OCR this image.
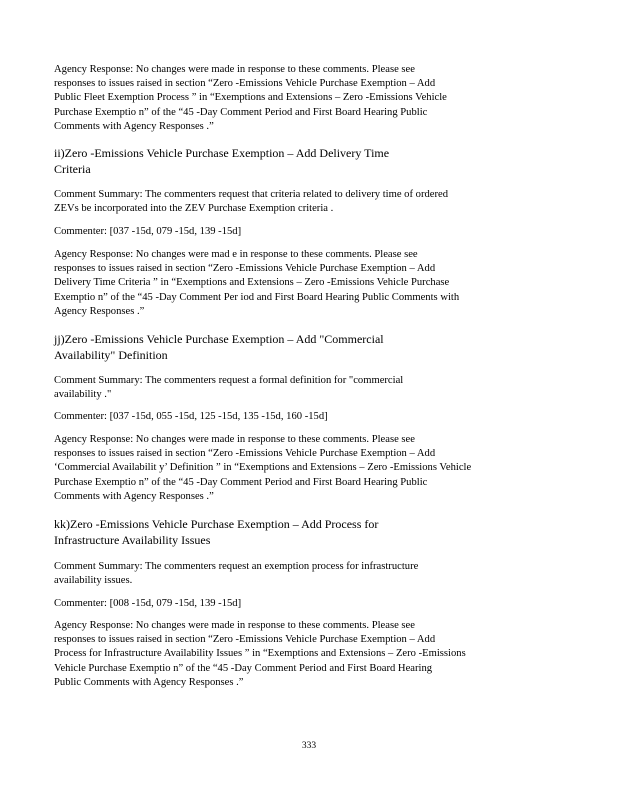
Agency Response: No changes were made in response to these comments. Please see
responses to issues raised in section “Zero -Emissions Vehicle Purchase Exemption – Add
Public Fleet Exemption Process ” in “Exemptions and Extensions – Zero -Emissions Vehicle
Purchase Exemptio n” of the “45 -Day Comment Period and First Board Hearing Public
Comments with Agency Responses .”
ii)Zero -Emissions Vehicle Purchase Exemption – Add Delivery Time
Criteria
Comment Summary: The commenters request that criteria related to delivery time of ordered
ZEVs be incorporated into the ZEV Purchase Exemption criteria .
Commenter: [037 -15d, 079 -15d, 139 -15d]
Agency Response: No changes were mad e in response to these comments. Please see
responses to issues raised in section “Zero -Emissions Vehicle Purchase Exemption – Add
Delivery Time Criteria ” in “Exemptions and Extensions – Zero -Emissions Vehicle Purchase
Exemptio n” of the “45 -Day Comment Per iod and First Board Hearing Public Comments with
Agency Responses .”
jj)Zero -Emissions Vehicle Purchase Exemption – Add "Commercial
Availability" Definition
Comment Summary: The commenters request a formal definition for "commercial
availability ."
Commenter: [037 -15d, 055 -15d, 125 -15d, 135 -15d, 160 -15d]
Agency Response: No changes were made in response to these comments. Please see
responses to issues raised in section “Zero -Emissions Vehicle Purchase Exemption – Add
‘Commercial Availabilit y’ Definition ” in “Exemptions and Extensions – Zero -Emissions Vehicle
Purchase Exemptio n” of the “45 -Day Comment Period and First Board Hearing Public
Comments with Agency Responses .”
kk)Zero -Emissions Vehicle Purchase Exemption – Add Process for
Infrastructure Availability Issues
Comment Summary: The commenters request an exemption process for infrastructure
availability issues.
Commenter: [008 -15d, 079 -15d, 139 -15d]
Agency Response: No changes were made in response to these comments. Please see
responses to issues raised in section “Zero -Emissions Vehicle Purchase Exemption – Add
Process for Infrastructure Availability Issues ” in “Exemptions and Extensions – Zero -Emissions
Vehicle Purchase Exemptio n” of the “45 -Day Comment Period and First Board Hearing
Public Comments with Agency Responses .”
333
